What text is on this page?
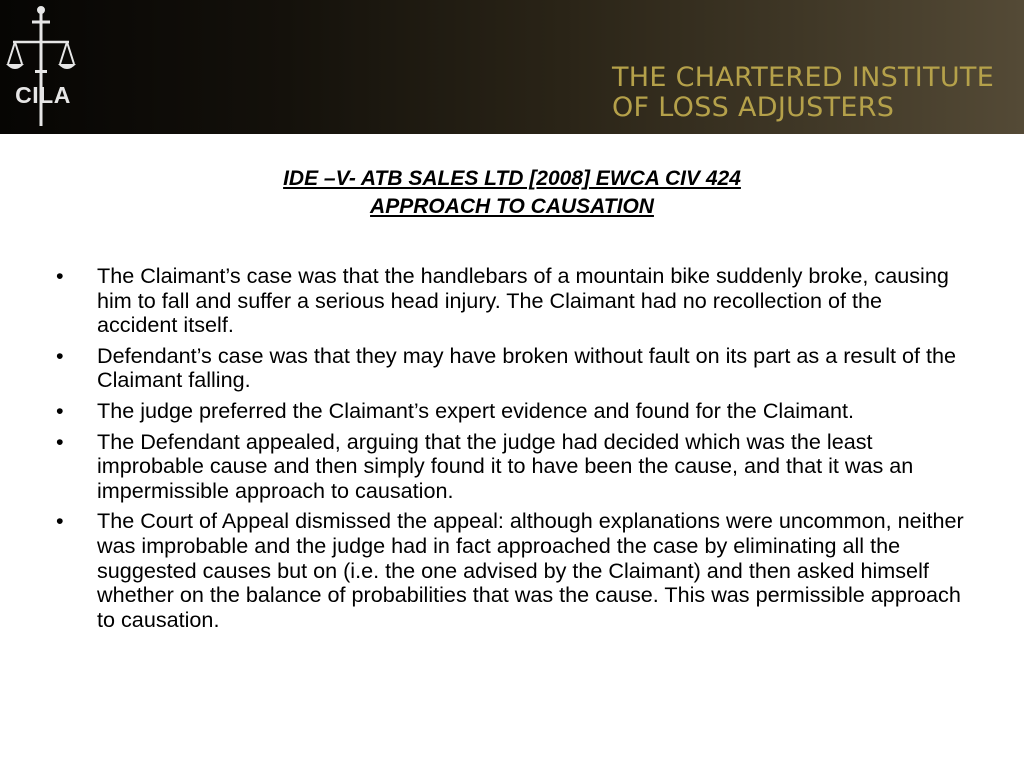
CILA
THE CHARTERED INSTITUTE
OF LOSS ADJUSTERS
IDE –V- ATB SALES LTD [2008] EWCA CIV 424
APPROACH TO CAUSATION
• The Claimant’s case was that the handlebars of a mountain bike suddenly broke, causing him to fall and suffer a serious head injury. The Claimant had no recollection of the accident itself.
• Defendant’s case was that they may have broken without fault on its part as a result of the Claimant falling.
• The judge preferred the Claimant’s expert evidence and found for the Claimant.
• The Defendant appealed, arguing that the judge had decided which was the least improbable cause and then simply found it to have been the cause, and that it was an impermissible approach to causation.
• The Court of Appeal dismissed the appeal: although explanations were uncommon, neither was improbable and the judge had in fact approached the case by eliminating all the suggested causes but on (i.e. the one advised by the Claimant) and then asked himself whether on the balance of probabilities that was the cause. This was permissible approach to causation.
